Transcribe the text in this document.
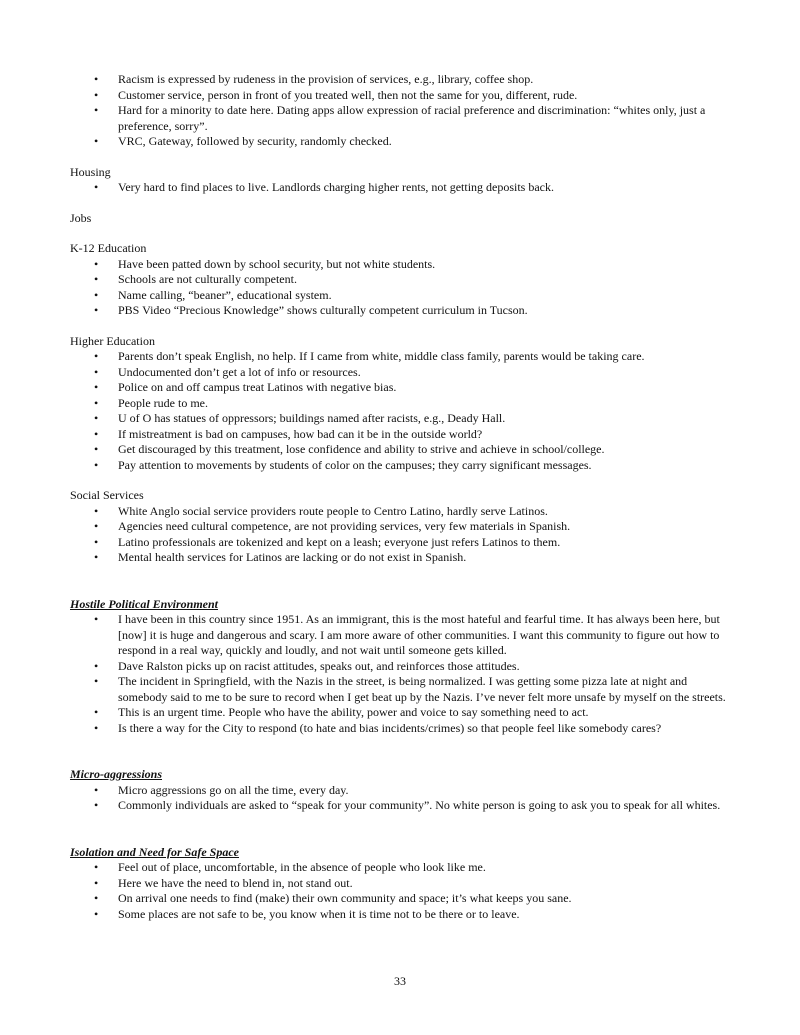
• Racism is expressed by rudeness in the provision of services, e.g., library, coffee shop.
• Customer service, person in front of you treated well, then not the same for you, different, rude.
• Hard for a minority to date here. Dating apps allow expression of racial preference and discrimination: “whites only, just a preference, sorry”.
• VRC, Gateway, followed by security, randomly checked.

Housing

• Very hard to find places to live. Landlords charging higher rents, not getting deposits back.

Jobs

K-12 Education

• Have been patted down by school security, but not white students.
• Schools are not culturally competent.
• Name calling, “beaner”, educational system.
• PBS Video “Precious Knowledge” shows culturally competent curriculum in Tucson.

Higher Education

• Parents don’t speak English, no help. If I came from white, middle class family, parents would be taking care.
• Undocumented don’t get a lot of info or resources.
• Police on and off campus treat Latinos with negative bias.
• People rude to me.
• U of O has statues of oppressors; buildings named after racists, e.g., Deady Hall.
• If mistreatment is bad on campuses, how bad can it be in the outside world?
• Get discouraged by this treatment, lose confidence and ability to strive and achieve in school/college.
• Pay attention to movements by students of color on the campuses; they carry significant messages.

Social Services

• White Anglo social service providers route people to Centro Latino, hardly serve Latinos.
• Agencies need cultural competence, are not providing services, very few materials in Spanish.
• Latino professionals are tokenized and kept on a leash; everyone just refers Latinos to them.
• Mental health services for Latinos are lacking or do not exist in Spanish.

Hostile Political Environment

• I have been in this country since 1951. As an immigrant, this is the most hateful and fearful time. It has always been here, but [now] it is huge and dangerous and scary. I am more aware of other communities. I want this community to figure out how to respond in a real way, quickly and loudly, and not wait until someone gets killed.
• Dave Ralston picks up on racist attitudes, speaks out, and reinforces those attitudes.
• The incident in Springfield, with the Nazis in the street, is being normalized. I was getting some pizza late at night and somebody said to me to be sure to record when I get beat up by the Nazis. I’ve never felt more unsafe by myself on the streets.
• This is an urgent time. People who have the ability, power and voice to say something need to act.
• Is there a way for the City to respond (to hate and bias incidents/crimes) so that people feel like somebody cares?

Micro-aggressions

• Micro aggressions go on all the time, every day.
• Commonly individuals are asked to “speak for your community”. No white person is going to ask you to speak for all whites.

Isolation and Need for Safe Space

• Feel out of place, uncomfortable, in the absence of people who look like me.
• Here we have the need to blend in, not stand out.
• On arrival one needs to find (make) their own community and space; it’s what keeps you sane.
• Some places are not safe to be, you know when it is time not to be there or to leave.
33
